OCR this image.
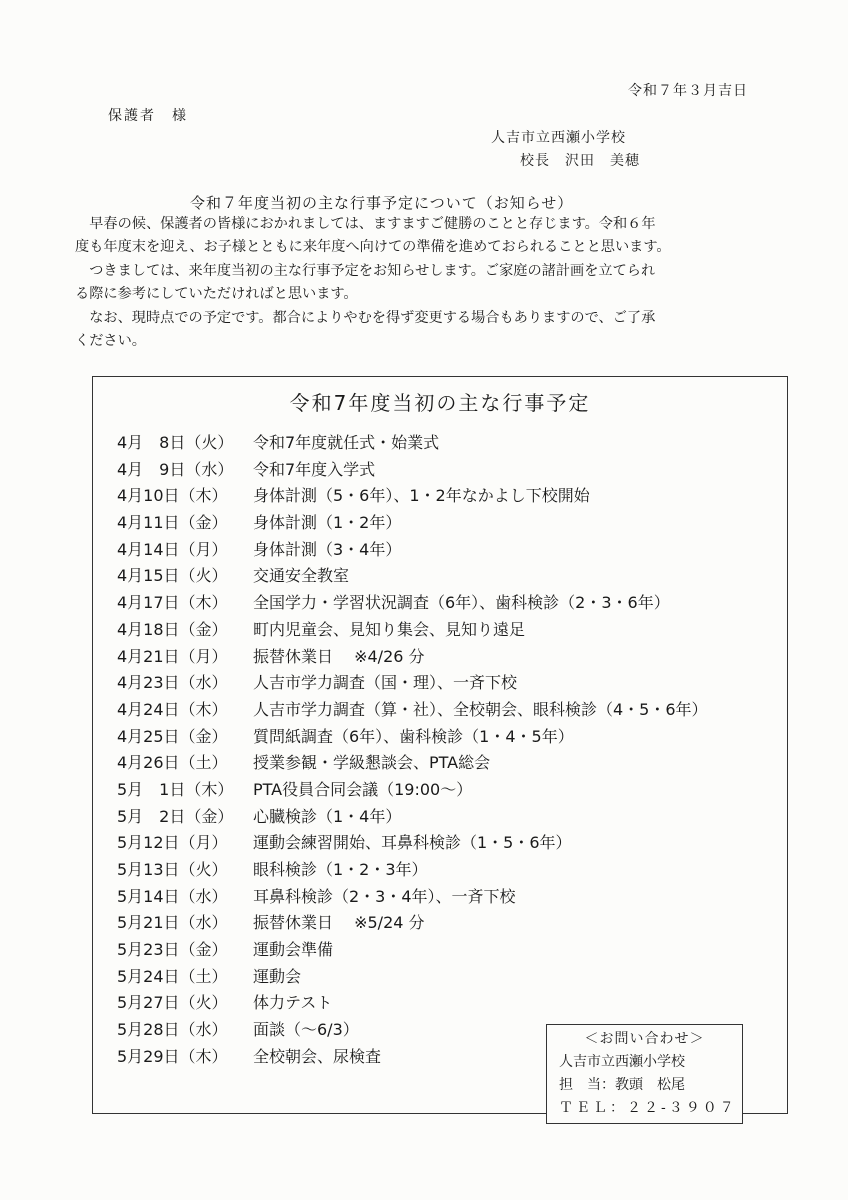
令和７年３月吉日
保護者　様
人吉市立西瀬小学校
校長　沢田　美穂
令和７年度当初の主な行事予定について（お知らせ）

早春の候、保護者の皆様におかれましては、ますますご健勝のことと存じます。令和６年

度も年度末を迎え、お子様とともに来年度へ向けての準備を進めておられることと思います。

つきましては、来年度当初の主な行事予定をお知らせします。ご家庭の諸計画を立てられ

る際に参考にしていただければと思います。

なお、現時点での予定です。都合によりやむを得ず変更する場合もありますので、ご了承

ください。

令和7年度当初の主な行事予定
4月　8日（火） 令和7年度就任式・始業式
4月　9日（水） 令和7年度入学式
4月10日（木） 身体計測（5・6年）、1・2年なかよし下校開始
4月11日（金） 身体計測（1・2年）
4月14日（月） 身体計測（3・4年）
4月15日（火） 交通安全教室
4月17日（木） 全国学力・学習状況調査（6年）、歯科検診（2・3・6年）
4月18日（金） 町内児童会、見知り集会、見知り遠足
4月21日（月） 振替休業日　 ※4/26 分
4月23日（水） 人吉市学力調査（国・理）、一斉下校
4月24日（木） 人吉市学力調査（算・社）、全校朝会、眼科検診（4・5・6年）
4月25日（金） 質問紙調査（6年）、歯科検診（1・4・5年）
4月26日（土） 授業参観・学級懇談会、PTA総会
5月　1日（木） PTA役員合同会議（19:00～）
5月　2日（金） 心臓検診（1・4年）
5月12日（月） 運動会練習開始、耳鼻科検診（1・5・6年）
5月13日（火） 眼科検診（1・2・3年）
5月14日（水） 耳鼻科検診（2・3・4年）、一斉下校
5月21日（水） 振替休業日　 ※5/24 分
5月23日（金） 運動会準備
5月24日（土） 運動会
5月27日（火） 体力テスト
5月28日（水） 面談（～6/3）
5月29日（木） 全校朝会、尿検査
＜お問い合わせ＞
人吉市立西瀬小学校
担　当：教頭　松尾
ＴＥＬ：２２-３９０７
